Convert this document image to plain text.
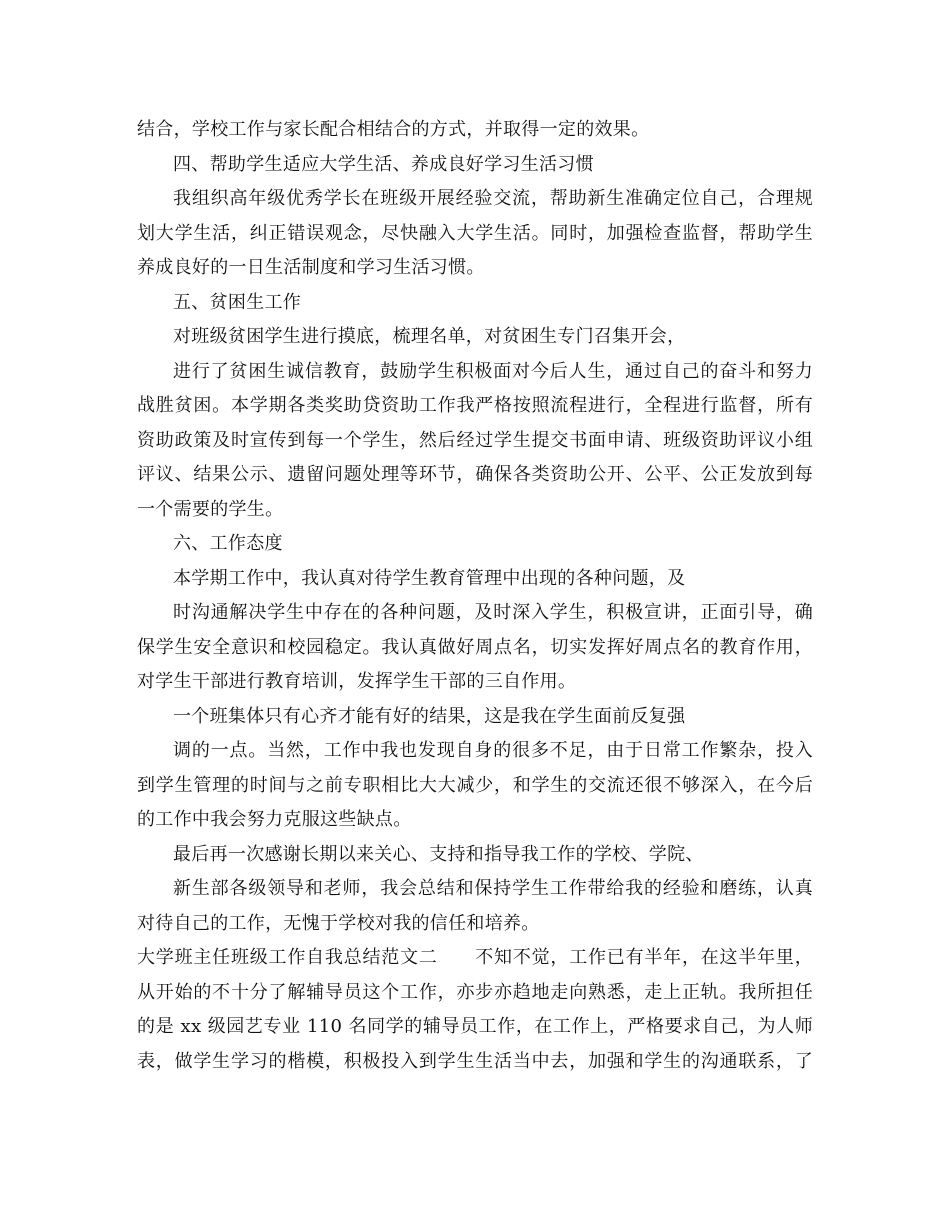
结合，学校工作与家长配合相结合的方式，并取得一定的效果。
四、帮助学生适应大学生活、养成良好学习生活习惯
我组织高年级优秀学长在班级开展经验交流，帮助新生准确定位自己，合理规
划大学生活，纠正错误观念，尽快融入大学生活。同时，加强检查监督，帮助学生
养成良好的一日生活制度和学习生活习惯。
五、贫困生工作
对班级贫困学生进行摸底，梳理名单，对贫困生专门召集开会，
进行了贫困生诚信教育，鼓励学生积极面对今后人生，通过自己的奋斗和努力
战胜贫困。本学期各类奖助贷资助工作我严格按照流程进行，全程进行监督，所有
资助政策及时宣传到每一个学生，然后经过学生提交书面申请、班级资助评议小组
评议、结果公示、遗留问题处理等环节，确保各类资助公开、公平、公正发放到每
一个需要的学生。
六、工作态度
本学期工作中，我认真对待学生教育管理中出现的各种问题，及
时沟通解决学生中存在的各种问题，及时深入学生，积极宣讲，正面引导，确
保学生安全意识和校园稳定。我认真做好周点名，切实发挥好周点名的教育作用，
对学生干部进行教育培训，发挥学生干部的三自作用。
一个班集体只有心齐才能有好的结果，这是我在学生面前反复强
调的一点。当然，工作中我也发现自身的很多不足，由于日常工作繁杂，投入
到学生管理的时间与之前专职相比大大减少，和学生的交流还很不够深入，在今后
的工作中我会努力克服这些缺点。
最后再一次感谢长期以来关心、支持和指导我工作的学校、学院、
新生部各级领导和老师，我会总结和保持学生工作带给我的经验和磨练，认真
对待自己的工作，无愧于学校对我的信任和培养。
大学班主任班级工作自我总结范文二　　不知不觉，工作已有半年，在这半年里，
从开始的不十分了解辅导员这个工作，亦步亦趋地走向熟悉，走上正轨。我所担任
的是 xx 级园艺专业 110 名同学的辅导员工作，在工作上，严格要求自己，为人师
表，做学生学习的楷模，积极投入到学生生活当中去，加强和学生的沟通联系，了
